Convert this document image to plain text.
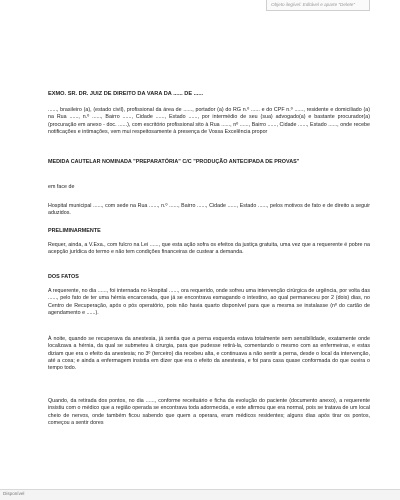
Objeto ilegível: Editável e aparte "Delete"
EXMO. SR. DR. JUIZ DE DIREITO DA VARA DA ...... DE ......
......, brasileiro (a), (estado civil), profissional da área de ......, portador (a) do RG n.º ...... e do CPF n.º ......, residente e domiciliado (a) na Rua ......, n.º ......, Bairro ......, Cidade ......, Estado ......, por intermédio de seu (sua) advogado(a) e bastante procurador(a) (procuração em anexo - doc. ......), com escritório profissional sito à Rua ......, nº ......, Bairro ......, Cidade ......, Estado ......, onde recebe notificações e intimações, vem mui respeitosamente à presença de Vossa Excelência propor
MEDIDA CAUTELAR NOMINADA "PREPARATÓRIA" C/C "PRODUÇÃO ANTECIPADA DE PROVAS"
em face de
Hospital municipal ......, com sede na Rua ......, n.º ......, Bairro ......, Cidade ......, Estado ......, pelos motivos de fato e de direito a seguir aduzidos.
PRELIMINARMENTE
Requer, ainda, a V.Exa., com fulcro na Lei ......, que esta ação sofra os efeitos da justiça gratuita, uma vez que a requerente é pobre na acepção jurídica do termo e não tem condições financeiras de custear a demanda.
DOS FATOS
A requerente, no dia ......, foi internada no Hospital ......, ora requerido, onde sofreu uma intervenção cirúrgica de urgência, por volta das ......, pelo fato de ter uma hérnia encarcerada, que já se encontrava esmagando o intestino, ao qual permaneceu por 2 (dois) dias, no Centro de Recuperação, após o pós operatório, pois não havia quarto disponível para que a mesma se instalasse (nº do cartão de agendamento e ......).
À noite, quando se recuperava da anestesia, já sentia que a perna esquerda estava totalmente sem sensibilidade, exatamente onde localizava a hérnia, da qual se submeteu à cirurgia, para que pudesse retirá-la, comentando o mesmo com as enfermeiras, e estas diziam que era o efeito da anestesia; no 3º (terceiro) dia recebeu alta, e continuava a não sentir a perna, desde o local da intervenção, até a coxa; e ainda a enfermagem insistia em dizer que era o efeito da anestesia, e foi para casa quase conformada do que ouvira o tempo todo.
Quando, da retirada dos pontos, no dia ......, conforme receituário e ficha da evolução do paciente (documento anexo), a requerente insistiu com o médico que a região operada se encontrava toda adormecida, e este afirmou que era normal, pois se tratava de um local cheio de nervos, onde também ficou sabendo que quem a operara, eram médicos residentes; alguns dias após tirar os pontos, começou a sentir dores
Disponível
